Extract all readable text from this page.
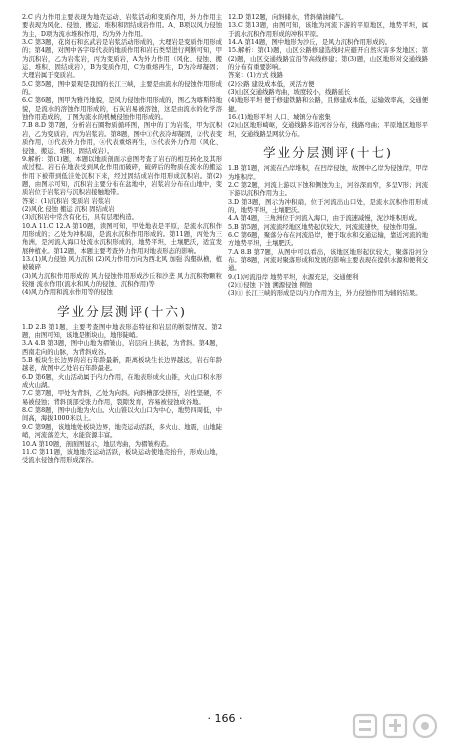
2.C 内力作用主要表现为地壳运动、岩浆活动和变质作用，外力作用主要表现为风化、侵蚀、搬运、堆积和固结成岩作用。A、B项以风力侵蚀为主，D项为流水堆积作用，均为外力作用。

3.C 第3题，花岗石和玄武岩是岩浆活动形成的，大理岩是变质作用形成的；第4题，对图中各字母代表的地质作用和岩石类型进行判断可知，甲为沉积岩，乙为岩浆岩，丙为变质岩，A为外力作用（风化、侵蚀、搬运、堆积、固结成岩），B为变质作用，C为重熔再生，D为冷却凝固；大理岩属于变质岩。

5.C 第5题，图中景观是我国的长江三峡，主要是由流水的侵蚀作用形成的。

6.C 第6题，图甲为雅丹地貌，是风力侵蚀作用形成的，图乙为喀斯特地貌，是流水的溶蚀作用形成的，石灰岩易被溶蚀，这是由流水的化学溶蚀作用造成的，丁图为流水的机械侵蚀作用形成的。

7.B 8.D 第7题，分析岩石圈物质循环图，图中的丁为岩浆，甲为沉积岩，乙为变质岩，丙为岩浆岩。第8题，图中①代表冷却凝固，②代表变质作用，③代表外力作用，④代表重熔再生，⑤代表外力作用（风化、侵蚀、搬运、堆积、固结成岩）。

9.解析：第(1)题，本题以地质剖面示意图考查了岩石的相互转化及其形成过程。岩石在地表受到风化作用而破碎，破碎后的物质在流水的搬运作用下被带到低洼处沉积下来，经过固结成岩作用形成沉积岩。第(2)题，由图示可知，沉积岩主要分布在盆地中，岩浆岩分布在山地中，变质岩位于岩浆岩与沉积岩接触地带。

答案：(1)沉积岩 变质岩 岩浆岩

(2)风化 侵蚀 搬运 沉积 固结成岩

(3)沉积岩中常含有化石，具有层理构造。

10.A 11.C 12.A 第10题，读图可知，甲处地表是平原，是流水沉积作用形成的；乙处为冲积扇，是流水沉积作用形成的。第11题，丙处为三角洲，是河流入海口处流水沉积形成的，地势平坦，土壤肥沃，适宜发展种植业。第12题，本题主要考查外力作用对地表形态的影响。

13.(1)风力侵蚀 风力沉积 (2)风力作用方向为西北风 加强 沟壑纵横，植被破碎

(3)风力沉积作用形成的 风力侵蚀作用形成沙丘和沙垄 风力沉积物颗粒较细 流水作用(流水和风力的侵蚀、沉积作用)等

(4)风力作用和流水作用等的侵蚀

学业分层测评(十六)

1.D 2.B 第1题，主要考查图中地表形态特征和岩层的断裂情况。第2题，由图可知，该地是断块山，地形陡峭。

3.A 4.B 第3题，图中山地为褶皱山，岩层向上拱起，为背斜。第4题，西南走向的山脉，为背斜成谷。

5.B 板块生长边界的岩石年龄最新，距离板块生长边界越远，岩石年龄越老，故图中乙处岩石年龄最老。

6.D 第6题，火山活动属于内力作用，在地表形成火山锥，火山口积水形成火山湖。

7.C 第7题，甲处为背斜，乙处为向斜。向斜槽部受挤压，岩性坚硬，不易被侵蚀；背斜顶部受张力作用，裂隙发育，容易被侵蚀成谷地。

8.C 第8题，图中山地为火山。火山锥以火山口为中心，地势四周低，中间高，海拔1000米以上。

9.C 第9题，该地地处板块边界，地壳运动活跃，多火山、地震，山地陡峭，河流落差大，水能资源丰富。

10.A 第10题，剖面图显示，地层弯曲，为褶皱构造。

11.C 第11题，该地地壳运动活跃，板块运动使地壳抬升，形成山地，受流水侵蚀作用形成深谷。

12.D 第12题，向斜储水，背斜储油储气。

13.C 第13题，由图可知，该地为河流下游的平原地区，地势平坦，属于流水沉积作用形成的冲积平原。

14.A 第14题，图中地形为沙丘，是风力沉积作用形成的。

15.解析：第(1)题，山区公路修建选线时应避开自然灾害多发地区；第(2)题，山区交通线路宜沿等高线修建；第(3)题，山区地形对交通线路的分布有重要影响。

答案：(1)方式 线路

(2)公路 建设成本低，灵活方便

(3)山区交通线路弯曲，坡度较小，线路延长

(4)地形平坦 便于修建铁路和公路，且修建成本低，运输效率高，交通便捷。

16.(1)地形平坦 人口、城镇分布密集

(2)山区地形崎岖，交通线路多沿河谷分布，线路弯曲；平原地区地形平坦，交通线路呈网状分布。

学业分层测评(十七)

1.B 第1题，河流在凸岸堆积，在凹岸侵蚀，故图中乙岸为侵蚀岸，甲岸为堆积岸。

2.C 第2题，河流上游以下蚀和侧蚀为主，河谷深而窄，多呈V形；河流下游以沉积作用为主。

3.D 第3题，图示为冲积扇，位于河流出山口处，是流水沉积作用形成的，地势平坦，土壤肥沃。

4.A 第4题，三角洲位于河流入海口，由于流速减慢，泥沙堆积形成。

5.B 第5题，河流流经地区地势起伏较大，河流流速快，侵蚀作用强。

6.C 第6题，聚落分布在河流沿岸，便于取水和交通运输，靠近河流的地方地势平坦，土壤肥沃。

7.A 8.B 第7题，从图中可以看出，该地区地形起伏较大，聚落沿河分布。第8题，河流对聚落形成和发展的影响主要表现在提供水源和便利交通。

9.(1)河流沿岸 地势平坦，水源充足，交通便利

(2)①侵蚀 下蚀 溯源侵蚀 侧蚀

(3)① 长江三峡的形成是以内力作用为主，外力侵蚀作用为辅的结果。

· 166 ·
